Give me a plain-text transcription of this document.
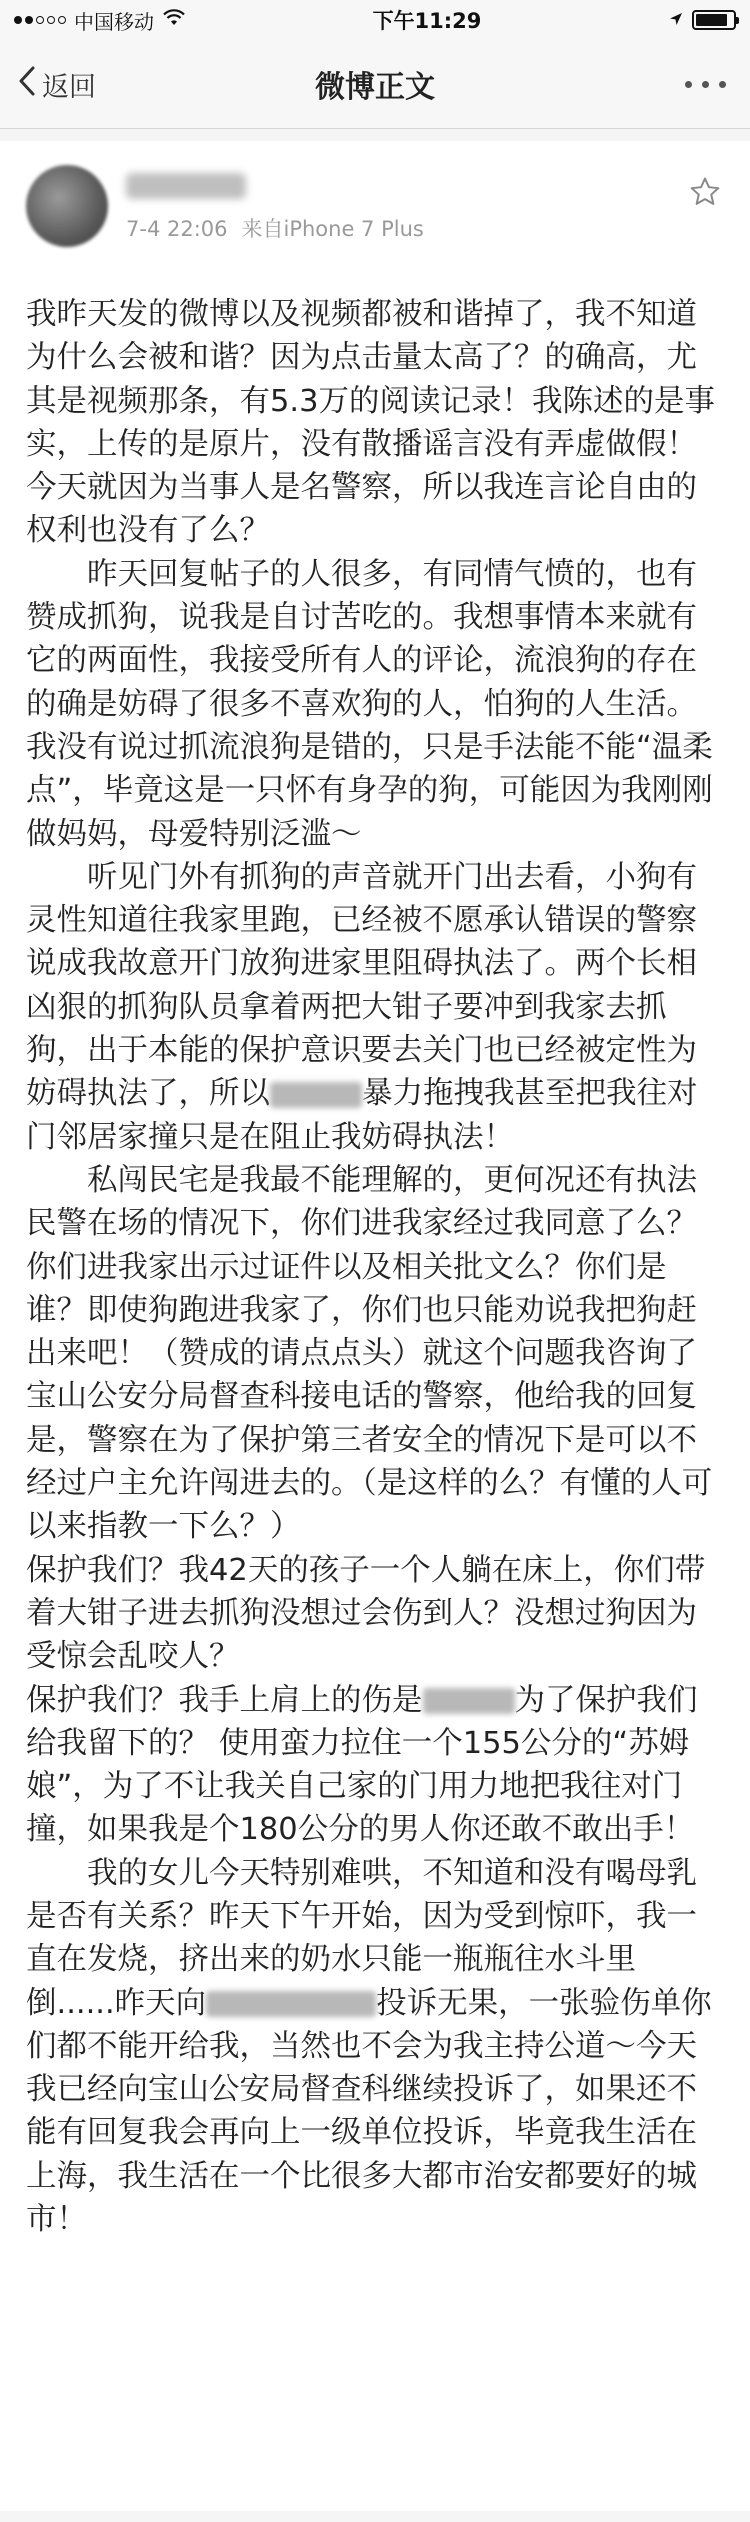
中国移动	下午11:29
返回	微博正文
7-4 22:06 来自iPhone 7 Plus

我昨天发的微博以及视频都被和谐掉了，我不知道为什么会被和谐？因为点击量太高了？的确高，尤其是视频那条，有5.3万的阅读记录！我陈述的是事实，上传的是原片，没有散播谣言没有弄虚做假！今天就因为当事人是名警察，所以我连言论自由的权利也没有了么？

　　昨天回复帖子的人很多，有同情气愤的，也有赞成抓狗，说我是自讨苦吃的。我想事情本来就有它的两面性，我接受所有人的评论，流浪狗的存在的确是妨碍了很多不喜欢狗的人，怕狗的人生活。我没有说过抓流浪狗是错的，只是手法能不能“温柔点”，毕竟这是一只怀有身孕的狗，可能因为我刚刚做妈妈，母爱特别泛滥～

　　听见门外有抓狗的声音就开门出去看，小狗有灵性知道往我家里跑，已经被不愿承认错误的警察说成我故意开门放狗进家里阻碍执法了。两个长相凶狠的抓狗队员拿着两把大钳子要冲到我家去抓狗，出于本能的保护意识要去关门也已经被定性为妨碍执法了，所以	暴力拖拽我甚至把我往对门邻居家撞只是在阻止我妨碍执法！

　　私闯民宅是我最不能理解的，更何况还有执法民警在场的情况下，你们进我家经过我同意了么？你们进我家出示过证件以及相关批文么？你们是谁？即使狗跑进我家了，你们也只能劝说我把狗赶出来吧！（赞成的请点点头）就这个问题我咨询了宝山公安分局督查科接电话的警察，他给我的回复是，警察在为了保护第三者安全的情况下是可以不经过户主允许闯进去的。（是这样的么？有懂的人可以来指教一下么？）

保护我们？我42天的孩子一个人躺在床上，你们带着大钳子进去抓狗没想过会伤到人？没想过狗因为受惊会乱咬人？

保护我们？我手上肩上的伤是	为了保护我们给我留下的？ 使用蛮力拉住一个155公分的“苏姆娘”，为了不让我关自己家的门用力地把我往对门撞，如果我是个180公分的男人你还敢不敢出手！

　　我的女儿今天特别难哄，不知道和没有喝母乳是否有关系？昨天下午开始，因为受到惊吓，我一直在发烧，挤出来的奶水只能一瓶瓶往水斗里倒......昨天向	投诉无果，一张验伤单你们都不能开给我，当然也不会为我主持公道～今天我已经向宝山公安局督查科继续投诉了，如果还不能有回复我会再向上一级单位投诉，毕竟我生活在上海，我生活在一个比很多大都市治安都要好的城市！
